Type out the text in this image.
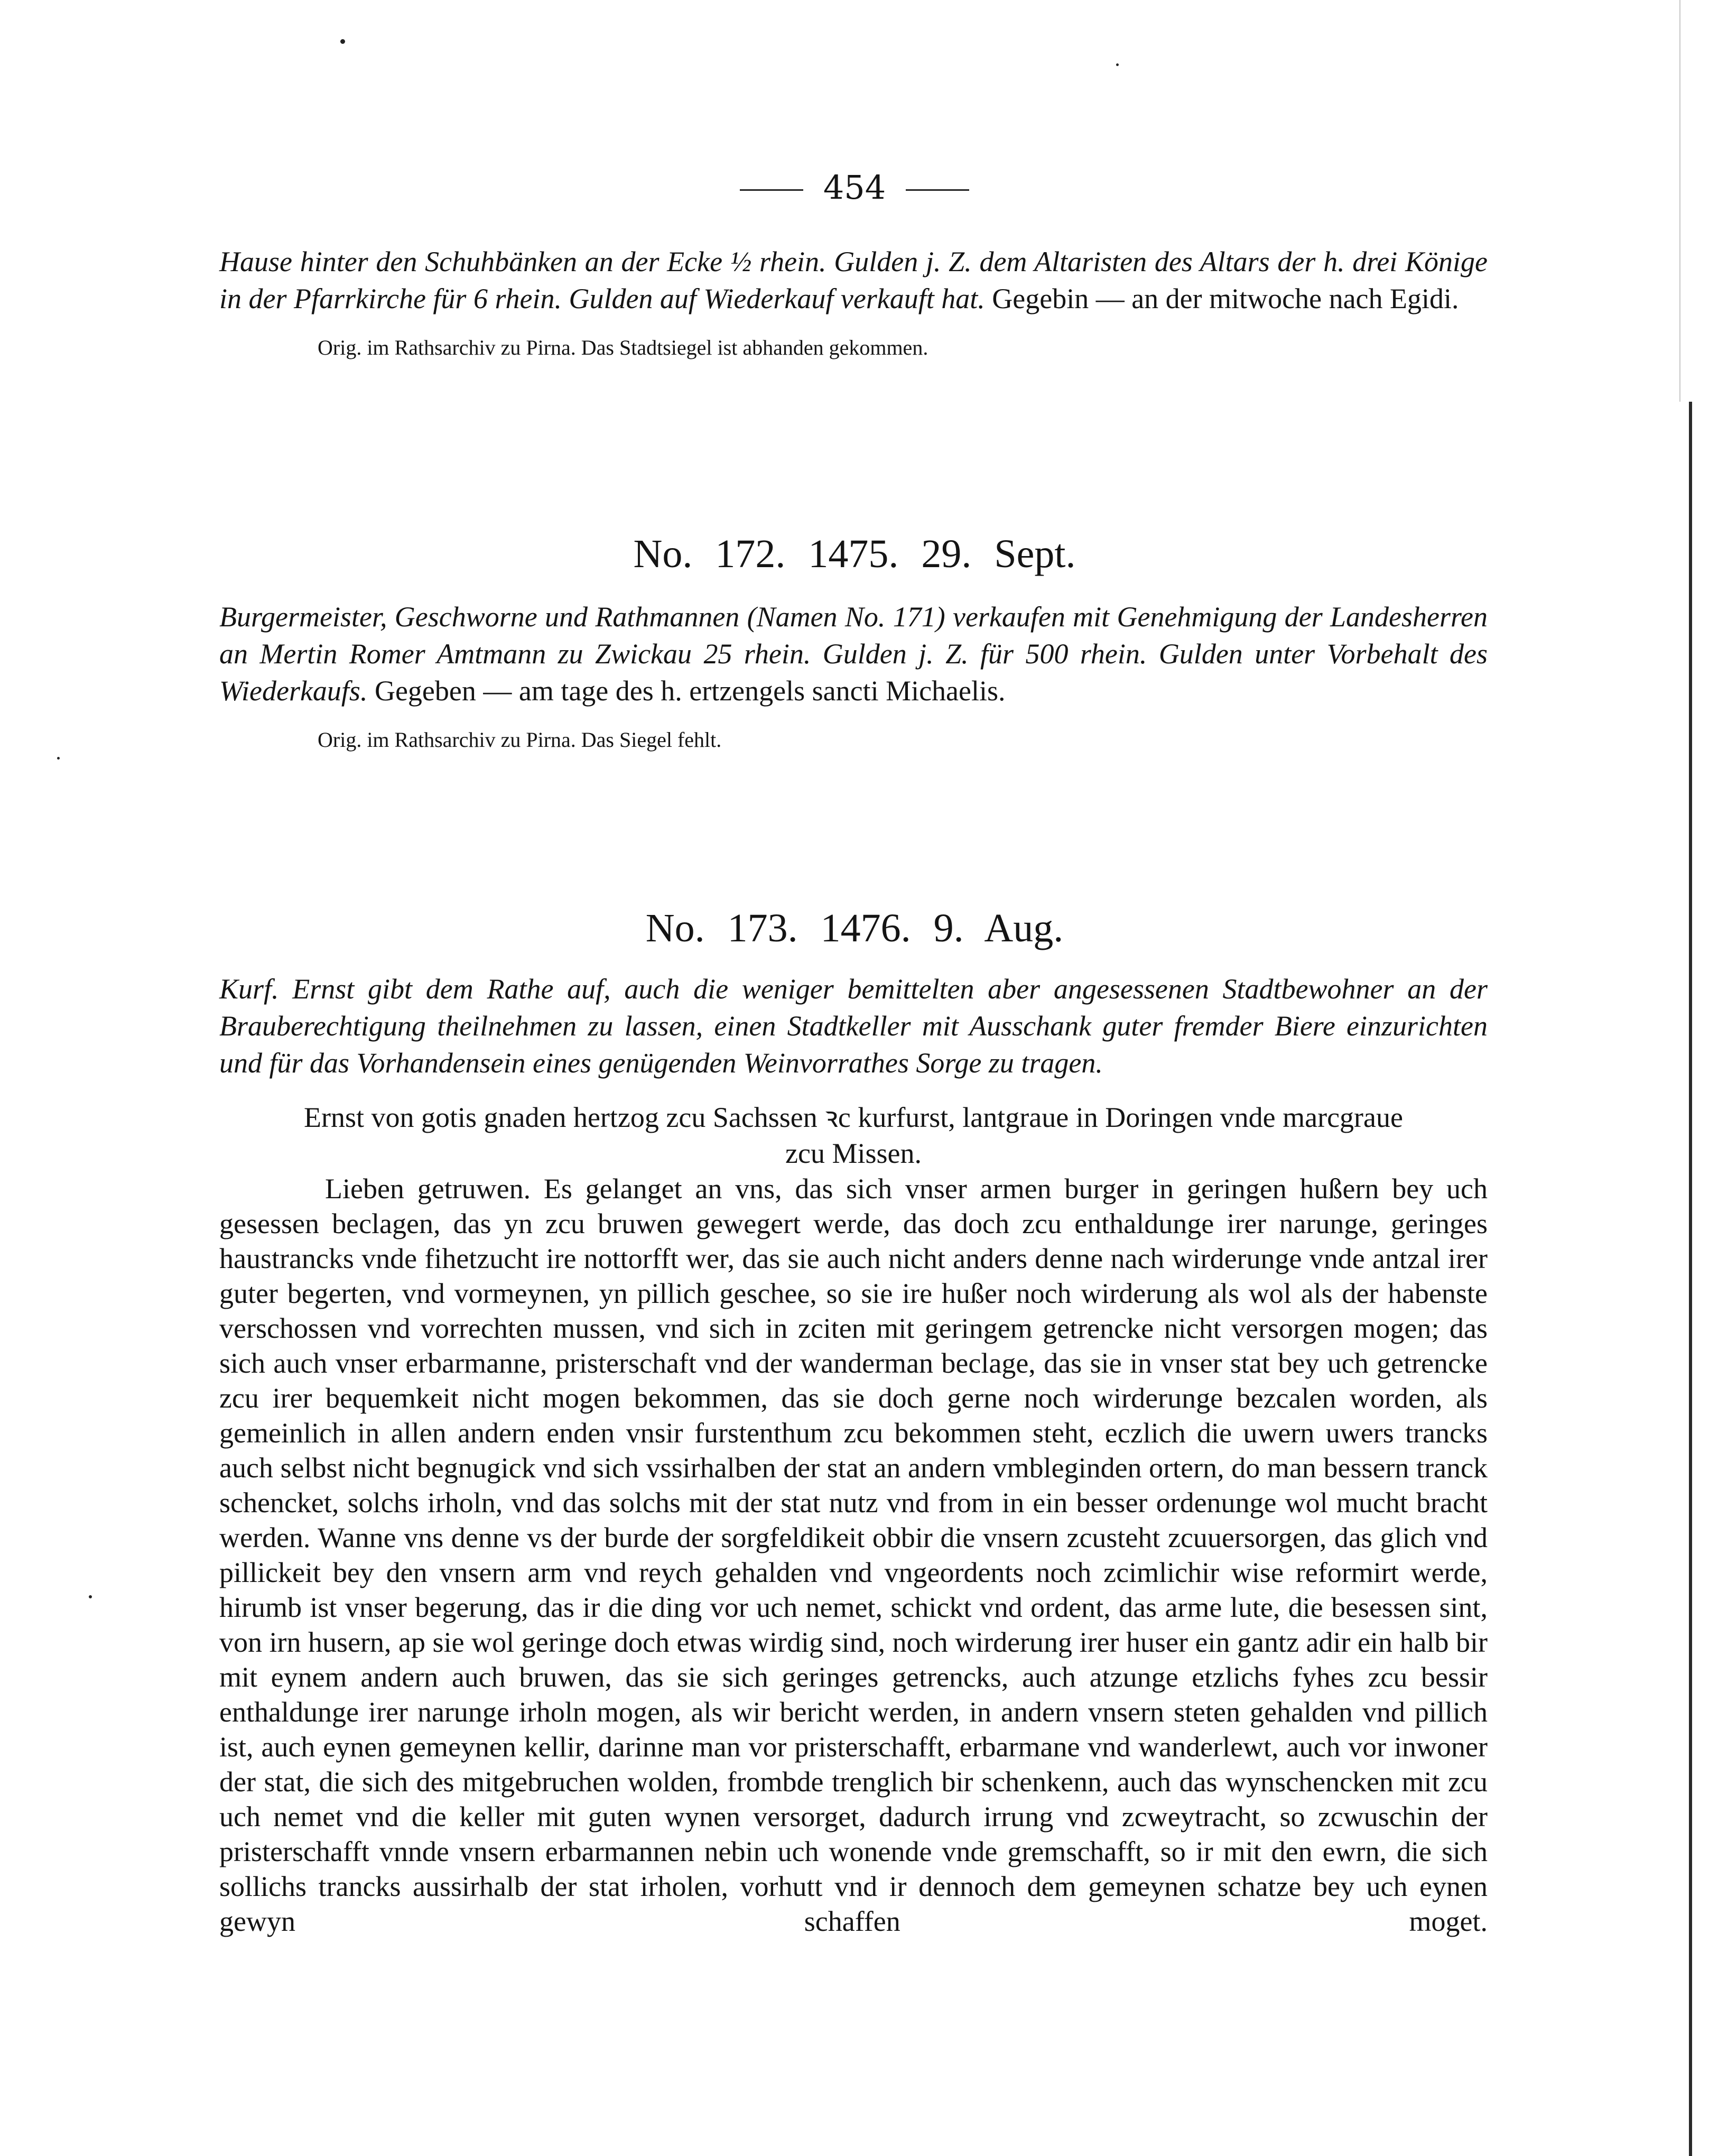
454

Hause hinter den Schuhbänken an der Ecke ½ rhein. Gulden j. Z. dem Altaristen des Altars der h. drei Könige in der Pfarrkirche für 6 rhein. Gulden auf Wiederkauf verkauft hat. Gegebin — an der mitwoche nach Egidi.

Orig. im Rathsarchiv zu Pirna. Das Stadtsiegel ist abhanden gekommen.
No. 172. 1475. 29. Sept.

Burgermeister, Geschworne und Rathmannen (Namen No. 171) verkaufen mit Genehmigung der Landesherren an Mertin Romer Amtmann zu Zwickau 25 rhein. Gulden j. Z. für 500 rhein. Gulden unter Vorbehalt des Wiederkaufs. Gegeben — am tage des h. ertzengels sancti Michaelis.

Orig. im Rathsarchiv zu Pirna. Das Siegel fehlt.
No. 173. 1476. 9. Aug.

Kurf. Ernst gibt dem Rathe auf, auch die weniger bemittelten aber angesessenen Stadtbewohner an der Brauberechtigung theilnehmen zu lassen, einen Stadtkeller mit Ausschank guter fremder Biere einzurichten und für das Vorhandensein eines genügenden Weinvorrathes Sorge zu tragen.

Ernst von gotis gnaden hertzog zcu Sachssen ꝛc kurfurst, lantgraue in Doringen vnde marcgraue zcu Missen.

Lieben getruwen. Es gelanget an vns, das sich vnser armen burger in geringen hußern bey uch gesessen beclagen, das yn zcu bruwen gewegert werde, das doch zcu enthaldunge irer narunge, geringes haustrancks vnde fihetzucht ire nottorfft wer, das sie auch nicht anders denne nach wirderunge vnde antzal irer guter begerten, vnd vormeynen, yn pillich geschee, so sie ire hußer noch wirderung als wol als der habenste verschossen vnd vorrechten mussen, vnd sich in zciten mit geringem getrencke nicht versorgen mogen; das sich auch vnser erbarmanne, pristerschaft vnd der wanderman beclage, das sie in vnser stat bey uch getrencke zcu irer bequemkeit nicht mogen bekommen, das sie doch gerne noch wirderunge bezcalen worden, als gemeinlich in allen andern enden vnsir furstenthum zcu bekommen steht, eczlich die uwern uwers trancks auch selbst nicht begnugick vnd sich vssirhalben der stat an andern vmbleginden ortern, do man bessern tranck schencket, solchs irholn, vnd das solchs mit der stat nutz vnd from in ein besser ordenunge wol mucht bracht werden. Wanne vns denne vs der burde der sorgfeldikeit obbir die vnsern zcusteht zcuuersorgen, das glich vnd pillickeit bey den vnsern arm vnd reych gehalden vnd vngeordents noch zcimlichir wise reformirt werde, hirumb ist vnser begerung, das ir die ding vor uch nemet, schickt vnd ordent, das arme lute, die besessen sint, von irn husern, ap sie wol geringe doch etwas wirdig sind, noch wirderung irer huser ein gantz adir ein halb bir mit eynem andern auch bruwen, das sie sich geringes getrencks, auch atzunge etzlichs fyhes zcu bessir enthaldunge irer narunge irholn mogen, als wir bericht werden, in andern vnsern steten gehalden vnd pillich ist, auch eynen gemeynen kellir, darinne man vor pristerschafft, erbarmane vnd wanderlewt, auch vor inwoner der stat, die sich des mitgebruchen wolden, frombde trenglich bir schenkenn, auch das wynschencken mit zcu uch nemet vnd die keller mit guten wynen versorget, dadurch irrung vnd zcweytracht, so zcwuschin der pristerschafft vnnde vnsern erbarmannen nebin uch wonende vnde gremschafft, so ir mit den ewrn, die sich sollichs trancks aussirhalb der stat irholen, vorhutt vnd ir dennoch dem gemeynen schatze bey uch eynen gewyn schaffen moget.
